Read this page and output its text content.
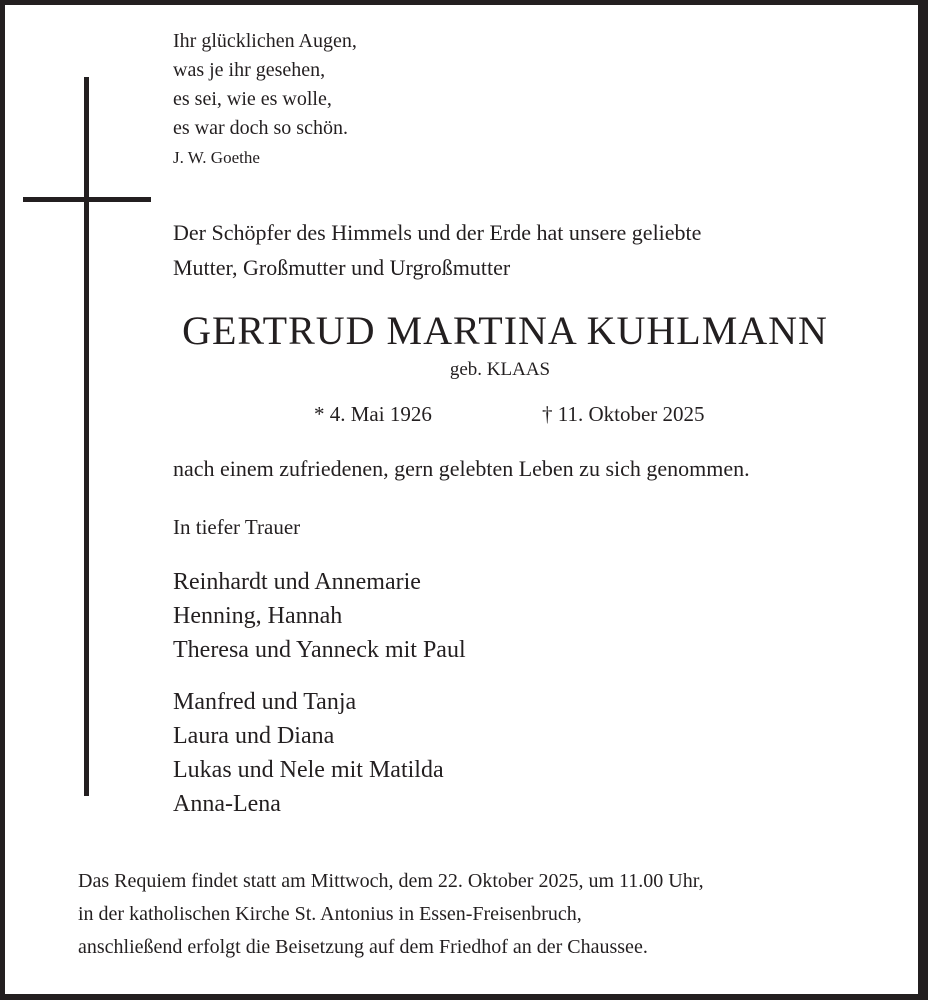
Ihr glücklichen Augen,
was je ihr gesehen,
es sei, wie es wolle,
es war doch so schön.
J. W. Goethe
Der Schöpfer des Himmels und der Erde hat unsere geliebte
Mutter, Großmutter und Urgroßmutter
GERTRUD MARTINA KUHLMANN
geb. KLAAS
* 4. Mai 1926	† 11. Oktober 2025
nach einem zufriedenen, gern gelebten Leben zu sich genommen.
In tiefer Trauer
Reinhardt und Annemarie
Henning, Hannah
Theresa und Yanneck mit Paul
Manfred und Tanja
Laura und Diana
Lukas und Nele mit Matilda
Anna-Lena
Das Requiem findet statt am Mittwoch, dem 22. Oktober 2025, um 11.00 Uhr,
in der katholischen Kirche St. Antonius in Essen-Freisenbruch,
anschließend erfolgt die Beisetzung auf dem Friedhof an der Chaussee.
